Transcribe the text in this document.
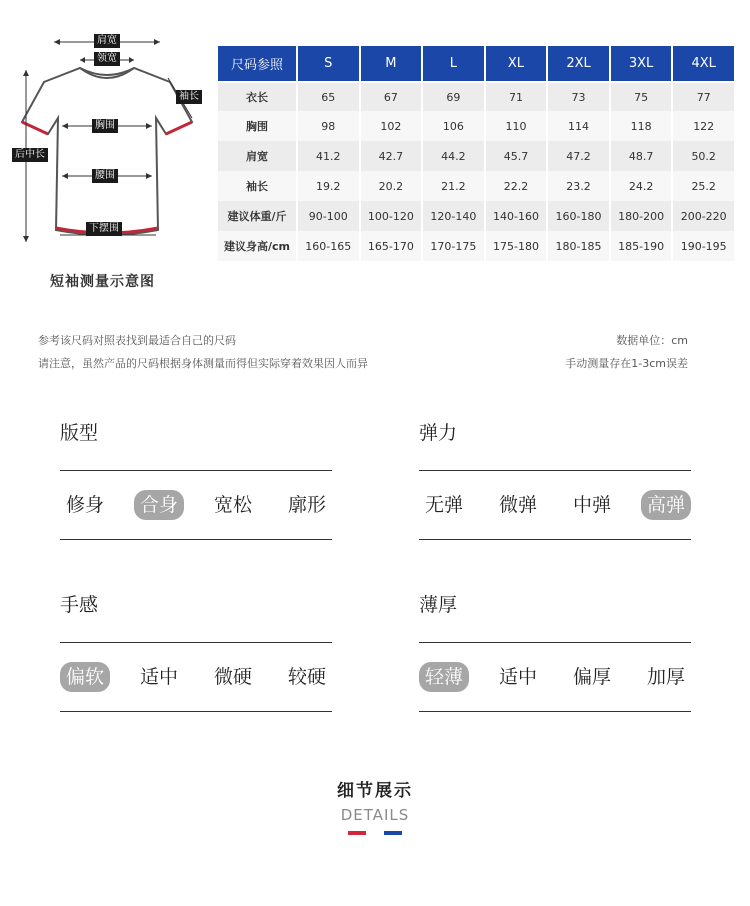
肩宽
领宽
袖长
胸围
后中长
腰围
下摆围
短袖测量示意图
尺码参照	S	M	L	XL	2XL	3XL	4XL
衣长	65	67	69	71	73	75	77
胸围	98	102	106	110	114	118	122
肩宽	41.2	42.7	44.2	45.7	47.2	48.7	50.2
袖长	19.2	20.2	21.2	22.2	23.2	24.2	25.2
建议体重/斤	90-100	100-120	120-140	140-160	160-180	180-200	200-220
建议身高/cm	160-165	165-170	170-175	175-180	180-185	185-190	190-195
参考该尺码对照表找到最适合自己的尺码
请注意，虽然产品的尺码根据身体测量而得但实际穿着效果因人而异
数据单位：cm
手动测量存在1-3cm误差
版型
修身	合身	宽松	廓形
弹力
无弹	微弹	中弹	高弹
手感
偏软	适中	微硬	较硬
薄厚
轻薄	适中	偏厚	加厚
细节展示
DETAILS
